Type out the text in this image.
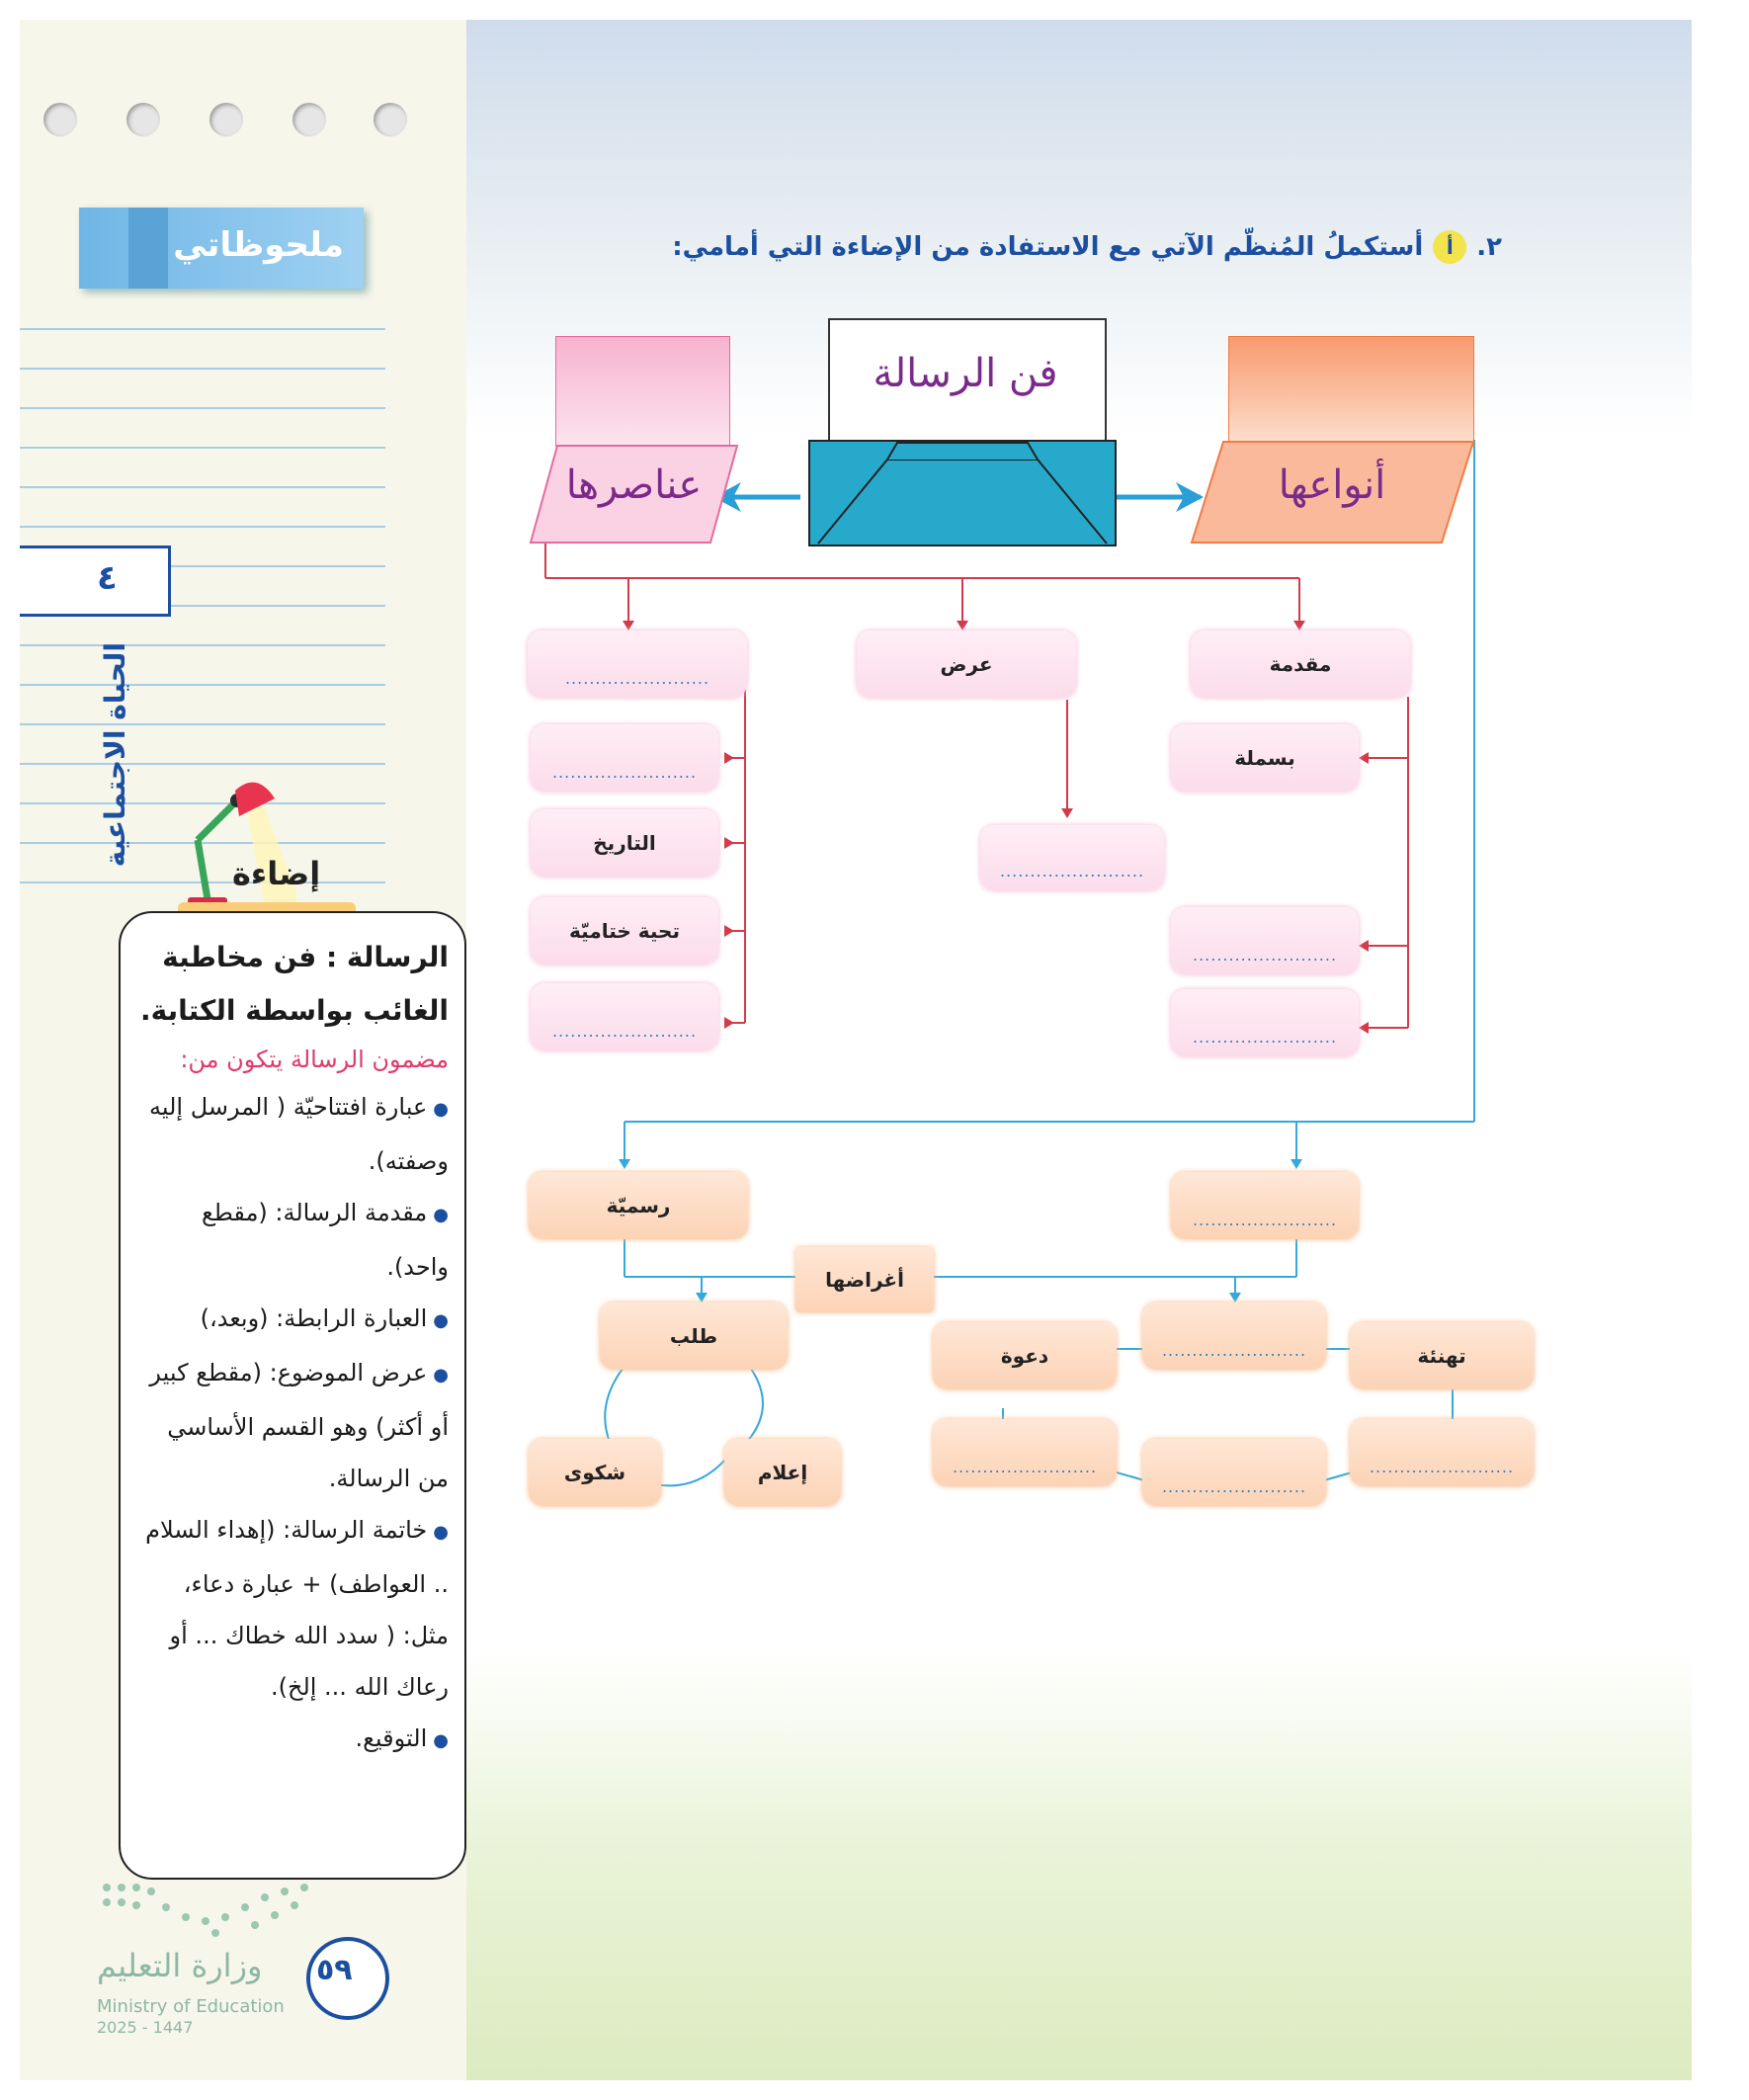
ملحوظاتي
٤
الحياة الاجتماعية
إضاءة
الرسالة : فن مخاطبة الغائب بواسطة الكتابة.
مضمون الرسالة يتكون من:
● عبارة افتتاحيّة ( المرسل إليه وصفته).
● مقدمة الرسالة: (مقطع واحد).
● العبارة الرابطة: (وبعد،)
● عرض الموضوع: (مقطع كبير أو أكثر) وهو القسم الأساسي من الرسالة.
● خاتمة الرسالة: (إهداء السلام .. العواطف) + عبارة دعاء، مثل: ( سدد الله خطاك ... أو رعاك الله ... إلخ).
● التوقيع.
٥٩
وزارة التعليم
Ministry of Education
2025 - 1447
٢.
أ
أستكملُ المُنظّم الآتي مع الاستفادة من الإضاءة التي أمامي:
فن الرسالة
عناصرها	أنواعها
مقدمة
بسملة
........................
........................
عرض
........................
........................
........................
التاريخ
تحية ختاميّة
........................
رسميّة
........................
أغراضها
طلب
شكوى	إعلام
دعوة	........................	تهنئة
........................
........................
........................
